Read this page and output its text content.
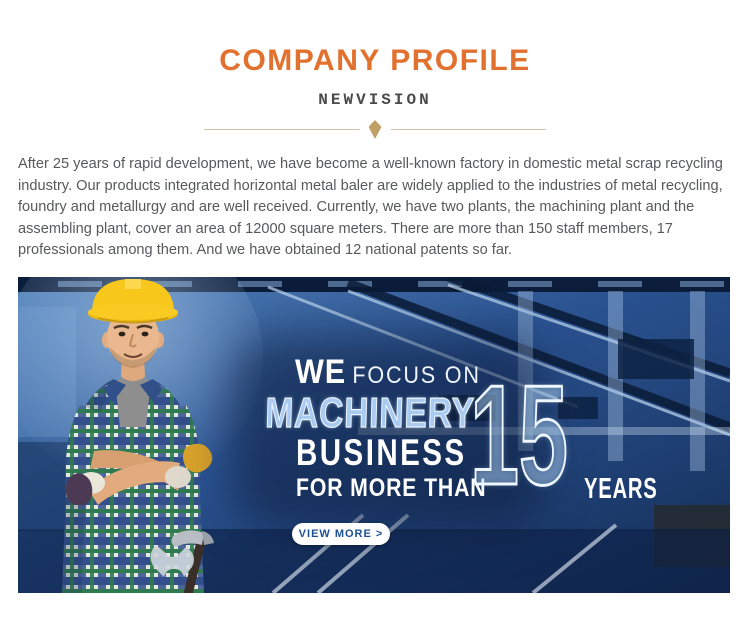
COMPANY PROFILE
NEWVISION

After 25 years of rapid development, we have become a well-known factory in domestic metal scrap recycling industry. Our products integrated horizontal metal baler are widely applied to the industries of metal recycling, foundry and metallurgy and are well received. Currently, we have two plants, the machining plant and the assembling plant, cover an area of 12000 square meters. There are more than 150 staff members, 17 professionals among them. And we have obtained 12 national patents so far.

WE FOCUS ON
MACHINERY
BUSINESS
FOR MORE THAN
15 YEARS
VIEW MORE >
